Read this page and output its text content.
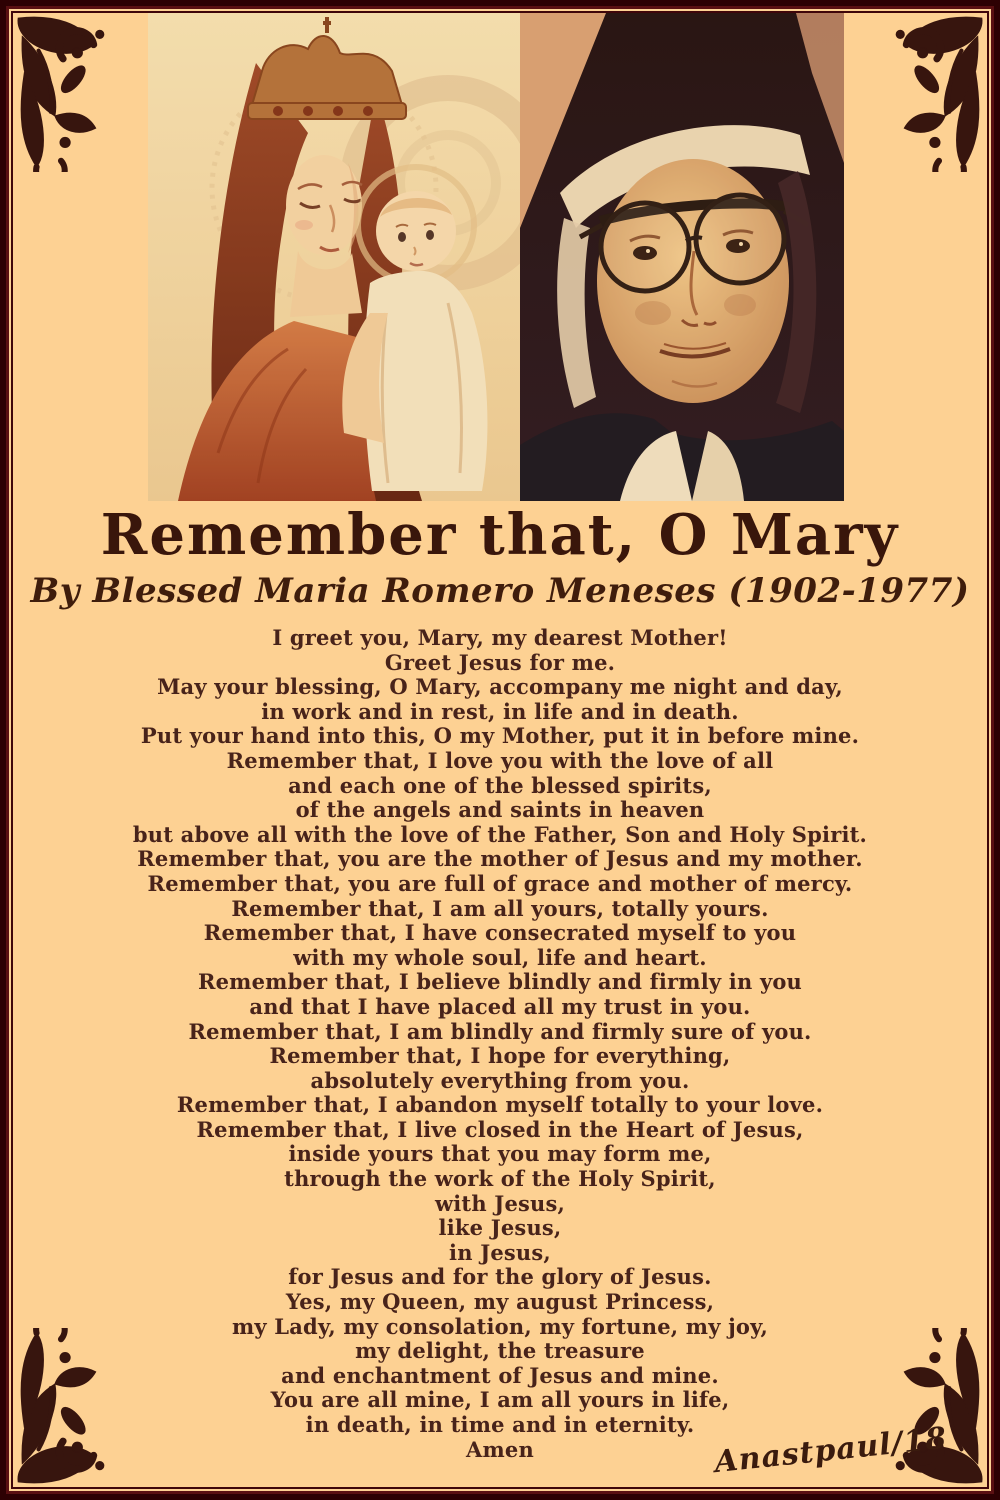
Remember that, O Mary
By Blessed Maria Romero Meneses (1902-1977)
I greet you, Mary, my dearest Mother!
Greet Jesus for me.
May your blessing, O Mary, accompany me night and day,
in work and in rest, in life and in death.
Put your hand into this, O my Mother, put it in before mine.
Remember that, I love you with the love of all
and each one of the blessed spirits,
of the angels and saints in heaven
but above all with the love of the Father, Son and Holy Spirit.
Remember that, you are the mother of Jesus and my mother.
Remember that, you are full of grace and mother of mercy.
Remember that, I am all yours, totally yours.
Remember that, I have consecrated myself to you
with my whole soul, life and heart.
Remember that, I believe blindly and firmly in you
and that I have placed all my trust in you.
Remember that, I am blindly and firmly sure of you.
Remember that, I hope for everything,
absolutely everything from you.
Remember that, I abandon myself totally to your love.
Remember that, I live closed in the Heart of Jesus,
inside yours that you may form me,
through the work of the Holy Spirit,
with Jesus,
like Jesus,
in Jesus,
for Jesus and for the glory of Jesus.
Yes, my Queen, my august Princess,
my Lady, my consolation, my fortune, my joy,
my delight, the treasure
and enchantment of Jesus and mine.
You are all mine, I am all yours in life,
in death, in time and in eternity.
Amen	Anastpaul/18
